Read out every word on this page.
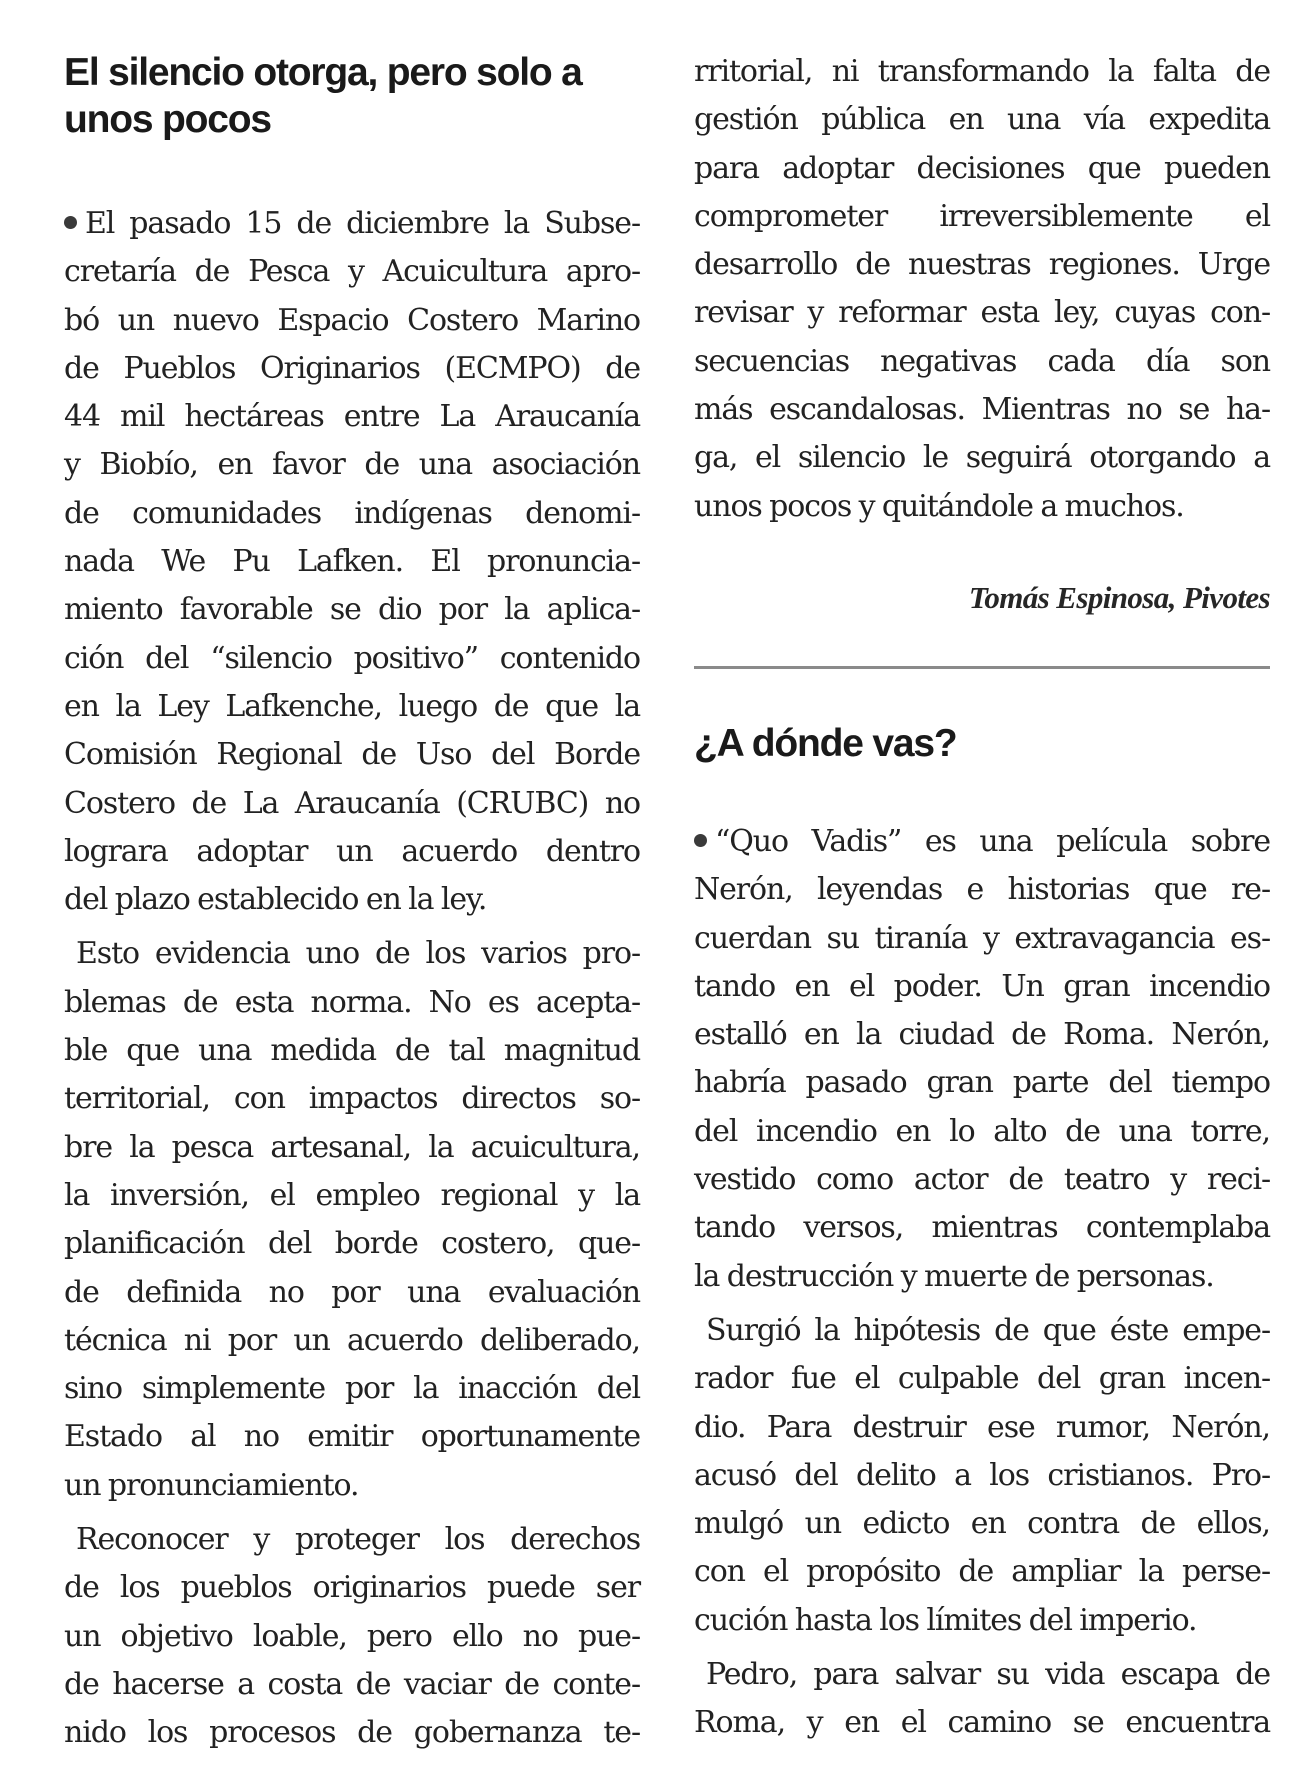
El silencio otorga, pero solo a
unos pocos
El pasado 15 de diciembre la Subse-
cretaría de Pesca y Acuicultura apro-
bó un nuevo Espacio Costero Marino
de Pueblos Originarios (ECMPO) de
44 mil hectáreas entre La Araucanía
y Biobío, en favor de una asociación
de comunidades indígenas denomi-
nada We Pu Lafken. El pronuncia-
miento favorable se dio por la aplica-
ción del “silencio positivo” contenido
en la Ley Lafkenche, luego de que la
Comisión Regional de Uso del Borde
Costero de La Araucanía (CRUBC) no
lograra adoptar un acuerdo dentro
del plazo establecido en la ley.
Esto evidencia uno de los varios pro-
blemas de esta norma. No es acepta-
ble que una medida de tal magnitud
territorial, con impactos directos so-
bre la pesca artesanal, la acuicultura,
la inversión, el empleo regional y la
planificación del borde costero, que-
de definida no por una evaluación
técnica ni por un acuerdo deliberado,
sino simplemente por la inacción del
Estado al no emitir oportunamente
un pronunciamiento.
Reconocer y proteger los derechos
de los pueblos originarios puede ser
un objetivo loable, pero ello no pue-
de hacerse a costa de vaciar de conte-
nido los procesos de gobernanza te-
rritorial, ni transformando la falta de
gestión pública en una vía expedita
para adoptar decisiones que pueden
comprometer irreversiblemente el
desarrollo de nuestras regiones. Urge
revisar y reformar esta ley, cuyas con-
secuencias negativas cada día son
más escandalosas. Mientras no se ha-
ga, el silencio le seguirá otorgando a
unos pocos y quitándole a muchos.
Tomás Espinosa, Pivotes
¿A dónde vas?
“Quo Vadis” es una película sobre
Nerón, leyendas e historias que re-
cuerdan su tiranía y extravagancia es-
tando en el poder. Un gran incendio
estalló en la ciudad de Roma. Nerón,
habría pasado gran parte del tiempo
del incendio en lo alto de una torre,
vestido como actor de teatro y reci-
tando versos, mientras contemplaba
la destrucción y muerte de personas.
Surgió la hipótesis de que éste empe-
rador fue el culpable del gran incen-
dio. Para destruir ese rumor, Nerón,
acusó del delito a los cristianos. Pro-
mulgó un edicto en contra de ellos,
con el propósito de ampliar la perse-
cución hasta los límites del imperio.
Pedro, para salvar su vida escapa de
Roma, y en el camino se encuentra
